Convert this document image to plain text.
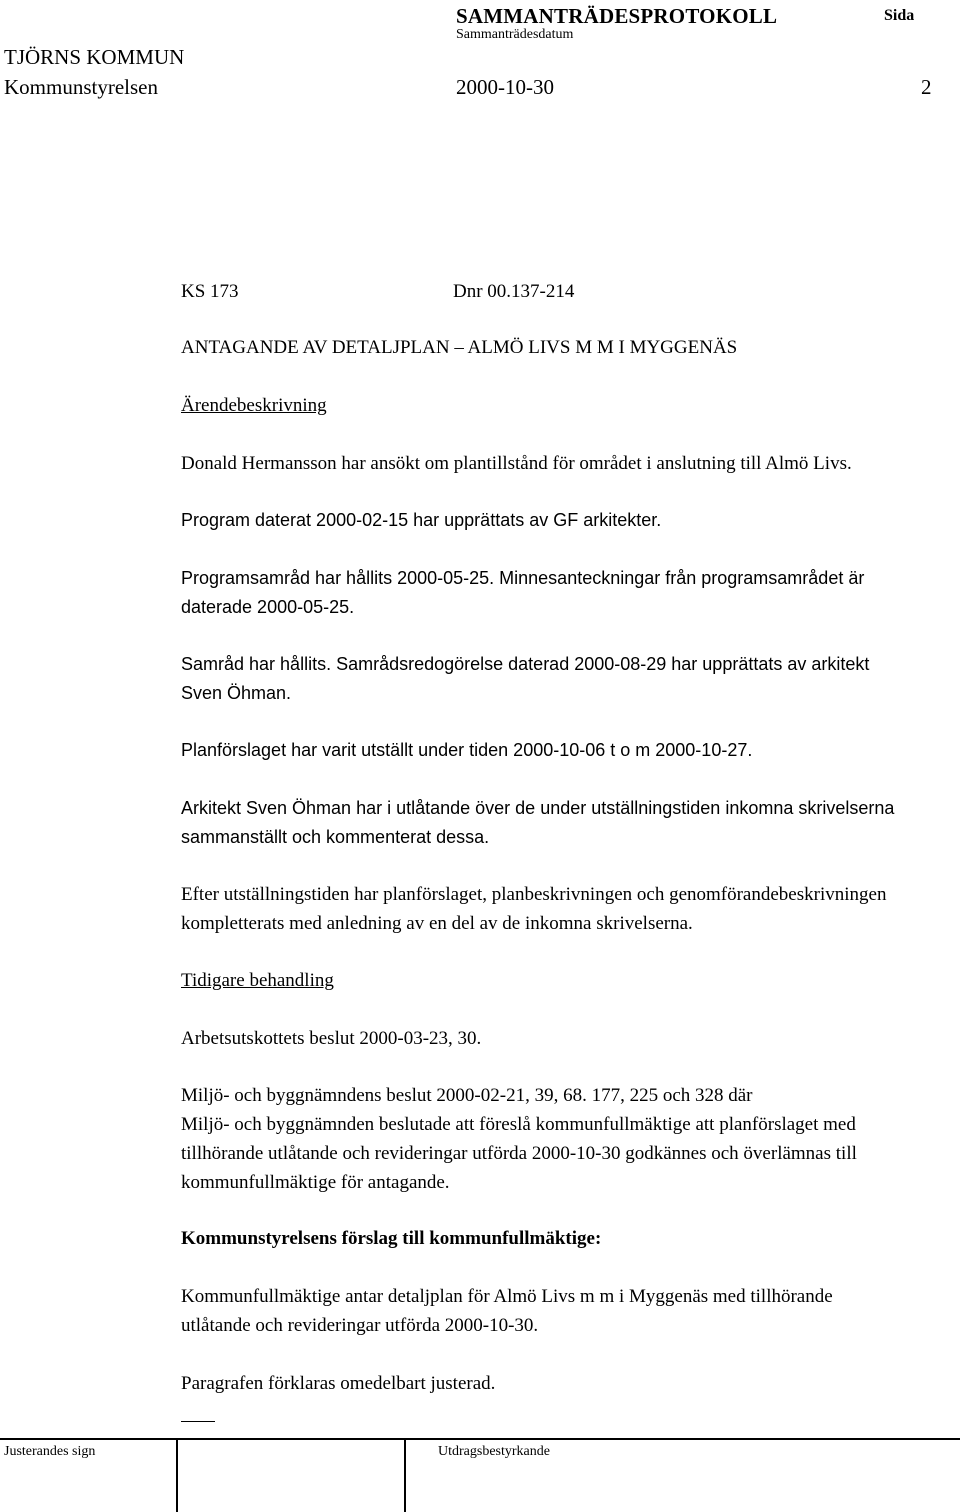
SAMMANTRÄDESPROTOKOLL	Sida
Sammanträdesdatum
TJÖRNS KOMMUN
Kommunstyrelsen	2000-10-30	2
KS 173	Dnr 00.137-214
ANTAGANDE AV DETALJPLAN – ALMÖ LIVS M M I MYGGENÄS
Ärendebeskrivning
Donald Hermansson har ansökt om plantillstånd för området i anslutning till Almö Livs.
Program daterat 2000-02-15 har upprättats av GF arkitekter.
Programsamråd har hållits 2000-05-25. Minnesanteckningar från programsamrådet är
daterade 2000-05-25.
Samråd har hållits. Samrådsredogörelse daterad 2000-08-29 har upprättats av arkitekt
Sven Öhman.
Planförslaget har varit utställt under tiden 2000-10-06 t o m 2000-10-27.
Arkitekt Sven Öhman har i utlåtande över de under utställningstiden inkomna skrivelserna
sammanställt och kommenterat dessa.
Efter utställningstiden har planförslaget, planbeskrivningen och genomförandebeskrivningen
kompletterats med anledning av en del av de inkomna skrivelserna.
Tidigare behandling
Arbetsutskottets beslut 2000-03-23, 30.
Miljö- och byggnämndens beslut 2000-02-21, 39, 68. 177, 225 och 328 där
Miljö- och byggnämnden beslutade att föreslå kommunfullmäktige att planförslaget med
tillhörande utlåtande och revideringar utförda 2000-10-30 godkännes och överlämnas till
kommunfullmäktige för antagande.
Kommunstyrelsens förslag till kommunfullmäktige:
Kommunfullmäktige antar detaljplan för Almö Livs m m i Myggenäs med tillhörande
utlåtande och revideringar utförda 2000-10-30.
Paragrafen förklaras omedelbart justerad.
Justerandes sign	Utdragsbestyrkande
